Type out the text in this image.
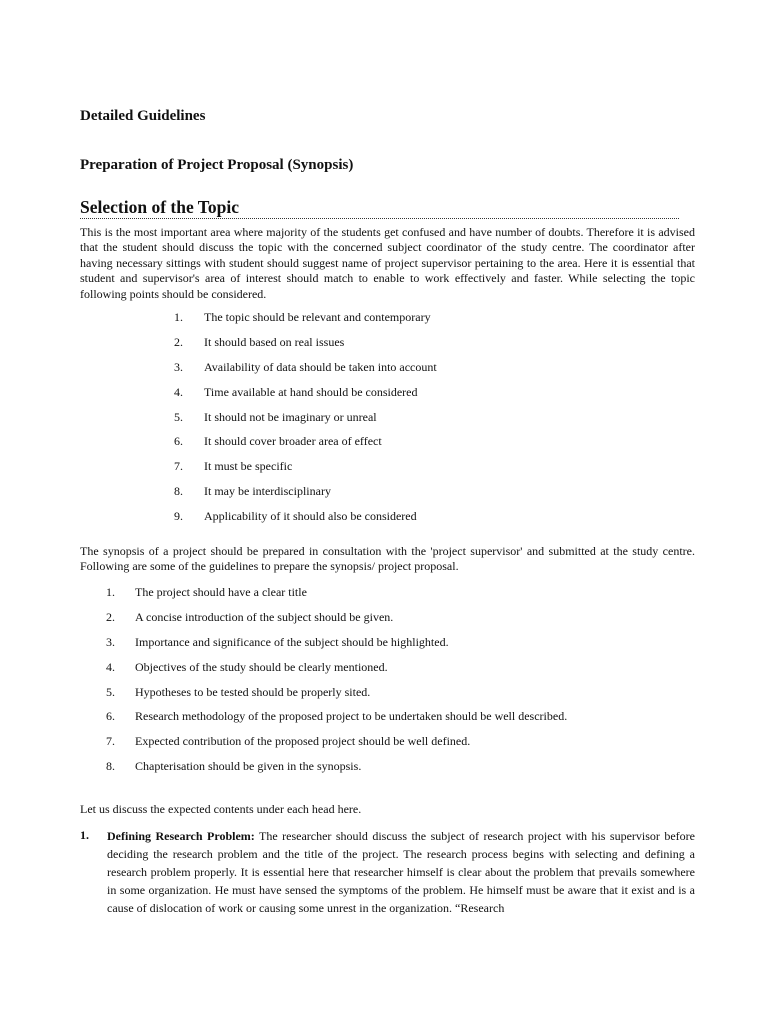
Detailed Guidelines
Preparation of Project Proposal (Synopsis)
Selection of the Topic

This is the most important area where majority of the students get confused and have number of doubts. Therefore it is advised that the student should discuss the topic with the concerned subject coordinator of the study centre. The coordinator after having necessary sittings with student should suggest name of project supervisor pertaining to the area. Here it is essential that student and supervisor's area of interest should match to enable to work effectively and faster. While selecting the topic following points should be considered.

1. The topic should be relevant and contemporary
2. It should based on real issues
3. Availability of data should be taken into account
4. Time available at hand should be considered
5. It should not be imaginary or unreal
6. It should cover broader area of effect
7. It must be specific
8. It may be interdisciplinary
9. Applicability of it should also be considered

The synopsis of a project should be prepared in consultation with the 'project supervisor' and submitted at the study centre. Following are some of the guidelines to prepare the synopsis/ project proposal.

1. The project should have a clear title
2. A concise introduction of the subject should be given.
3. Importance and significance of the subject should be highlighted.
4. Objectives of the study should be clearly mentioned.
5. Hypotheses to be tested should be properly sited.
6. Research methodology of the proposed project to be undertaken should be well described.
7. Expected contribution of the proposed project should be well defined.
8. Chapterisation should be given in the synopsis.

Let us discuss the expected contents under each head here.

1. Defining Research Problem: The researcher should discuss the subject of research project with his supervisor before deciding the research problem and the title of the project. The research process begins with selecting and defining a research problem properly. It is essential here that researcher himself is clear about the problem that prevails somewhere in some organization. He must have sensed the symptoms of the problem. He himself must be aware that it exist and is a cause of dislocation of work or causing some unrest in the organization. “Research
